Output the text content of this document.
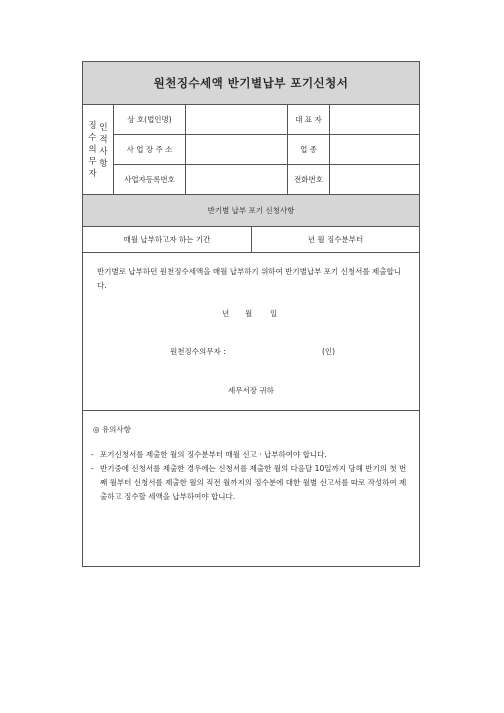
원천징수세액 반기별납부 포기신청서
징
수
의
무
자
인
적
사
항
상 호(법인명)	대 표 자
사 업 장 주 소	업 종
사업자등록번호	전화번호
반기별 납부 포기 신청사항
매월 납부하고자 하는 기간	년 월 징수분부터
반기별로 납부하던 원천징수세액을 매월 납부하기 위하여 반기별납부 포기 신청서를 제출합니다.
년 월 일
원천징수의무자 :	(인)
세무서장 귀하
◎ 유의사항
- 포기신청서를 제출한 월의 징수분부터 매월 신고 · 납부하여야 합니다.
- 반기중에 신청서를 제출한 경우에는 신청서를 제출한 월의 다음달 10일까지 당해 반기의 첫 번째 월부터 신청서를 제출한 월의 직전 월까지의 징수분에 대한 월별 신고서를 따로 작성하여 제출하고 징수할 세액을 납부하여야 합니다.
